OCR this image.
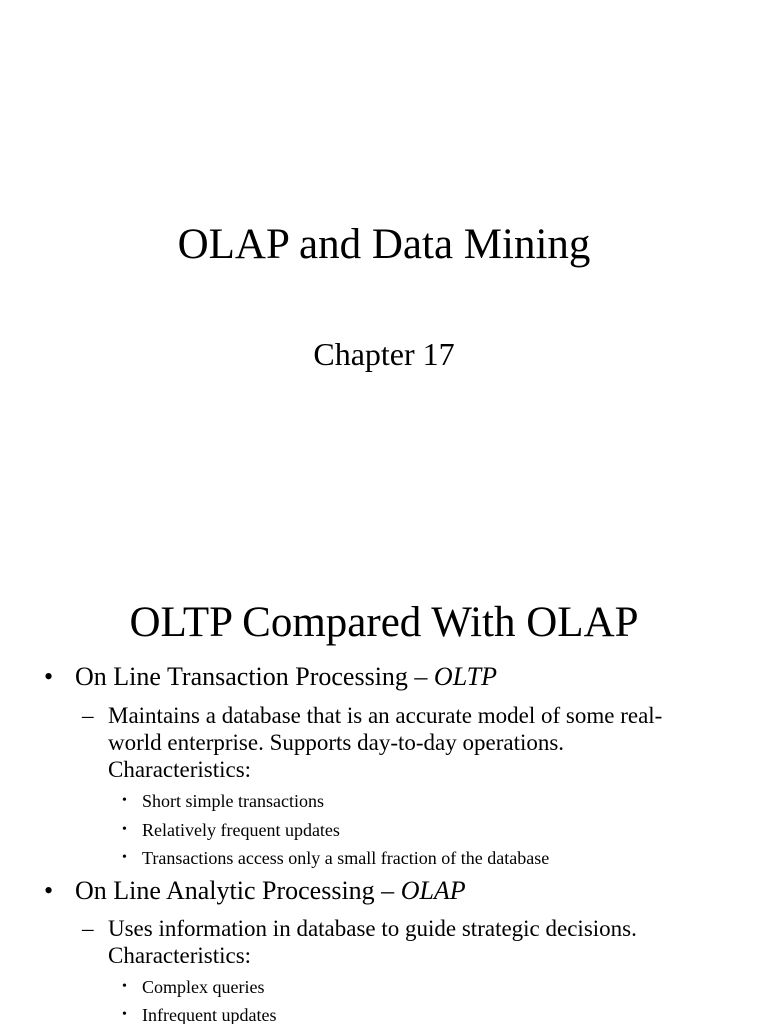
OLAP and Data Mining
Chapter 17
OLTP Compared With OLAP
• On Line Transaction Processing – OLTP
– Maintains a database that is an accurate model of some real-
world enterprise. Supports day-to-day operations.
Characteristics:
• Short simple transactions
• Relatively frequent updates
• Transactions access only a small fraction of the database
• On Line Analytic Processing – OLAP
– Uses information in database to guide strategic decisions.
Characteristics:
• Complex queries
• Infrequent updates
